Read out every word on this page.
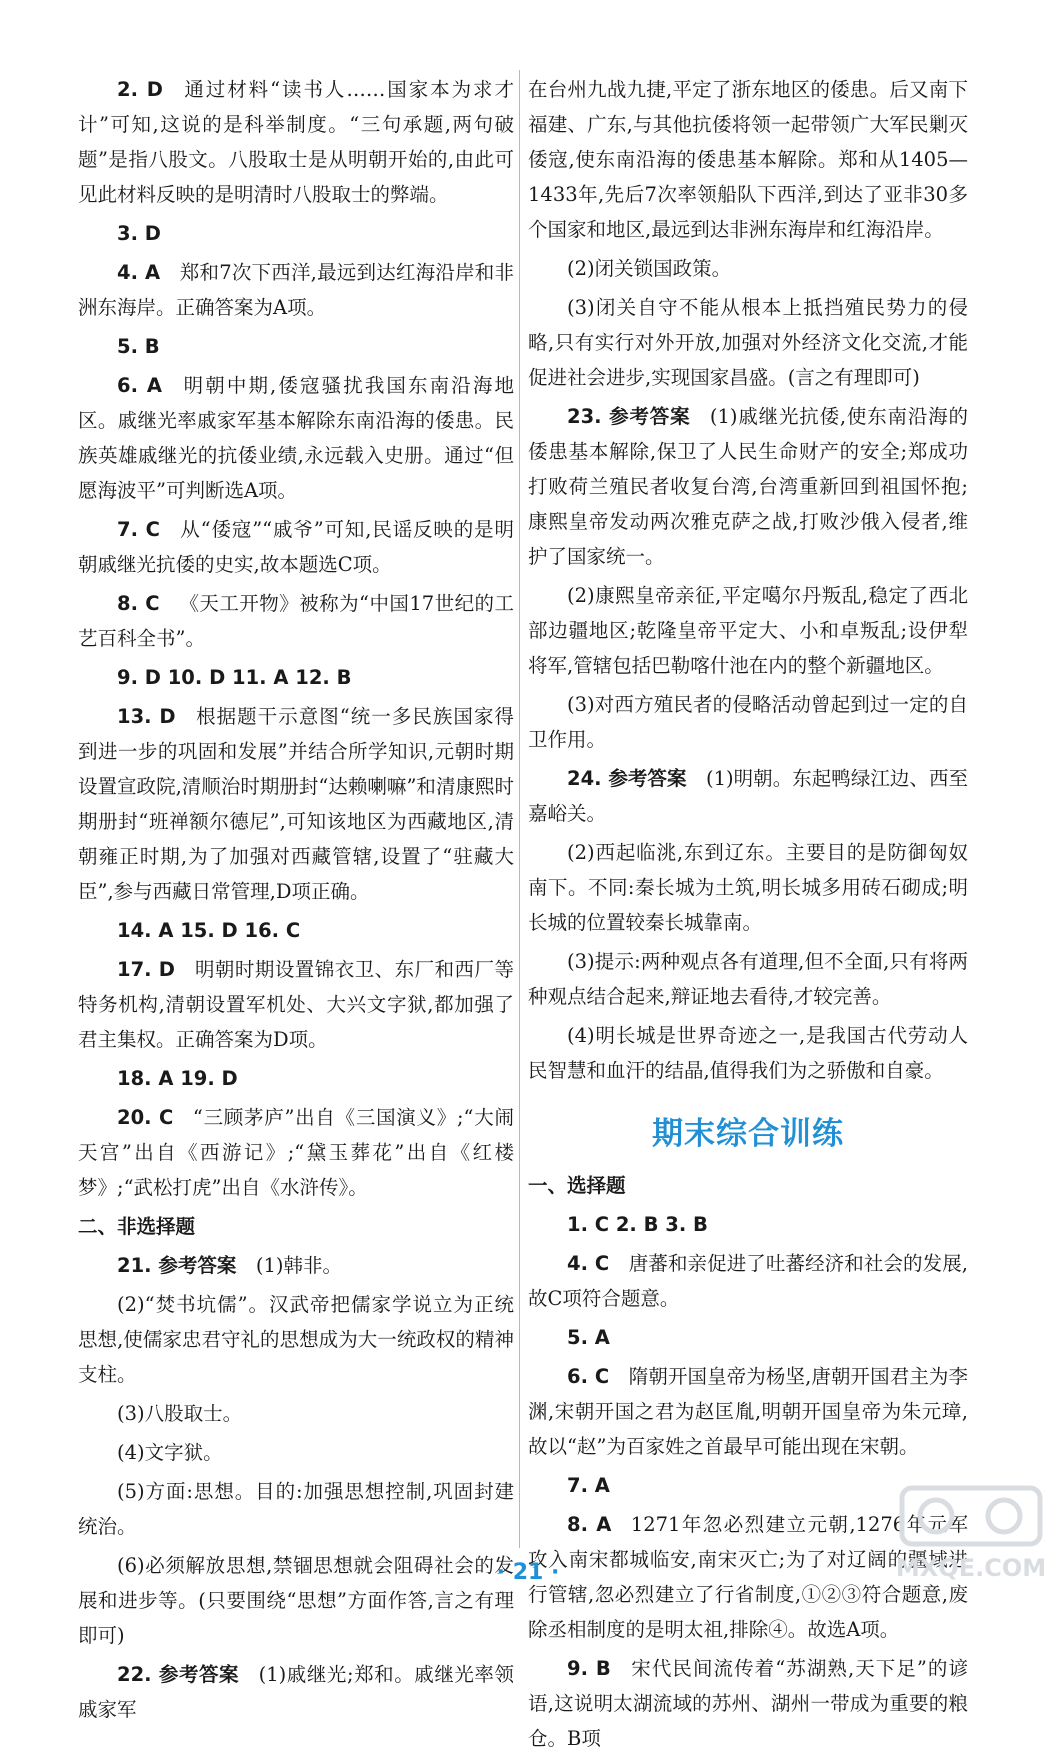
2. D  通过材料“读书人……国家本为求才计”可知,这说的是科举制度。“三句承题,两句破题”是指八股文。八股取士是从明朝开始的,由此可见此材料反映的是明清时八股取士的弊端。

3. D

4. A  郑和7次下西洋,最远到达红海沿岸和非洲东海岸。正确答案为A项。

5. B

6. A  明朝中期,倭寇骚扰我国东南沿海地区。戚继光率戚家军基本解除东南沿海的倭患。民族英雄戚继光的抗倭业绩,永远载入史册。通过“但愿海波平”可判断选A项。

7. C  从“倭寇”“戚爷”可知,民谣反映的是明朝戚继光抗倭的史实,故本题选C项。

8. C  《天工开物》被称为“中国17世纪的工艺百科全书”。

9. D 10. D 11. A 12. B

13. D  根据题干示意图“统一多民族国家得到进一步的巩固和发展”并结合所学知识,元朝时期设置宣政院,清顺治时期册封“达赖喇嘛”和清康熙时期册封“班禅额尔德尼”,可知该地区为西藏地区,清朝雍正时期,为了加强对西藏管辖,设置了“驻藏大臣”,参与西藏日常管理,D项正确。

14. A 15. D 16. C

17. D  明朝时期设置锦衣卫、东厂和西厂等特务机构,清朝设置军机处、大兴文字狱,都加强了君主集权。正确答案为D项。

18. A 19. D

20. C  “三顾茅庐”出自《三国演义》;“大闹天宫”出自《西游记》;“黛玉葬花”出自《红楼梦》;“武松打虎”出自《水浒传》。

二、非选择题

21. 参考答案  (1)韩非。

(2)“焚书坑儒”。汉武帝把儒家学说立为正统思想,使儒家忠君守礼的思想成为大一统政权的精神支柱。

(3)八股取士。

(4)文字狱。

(5)方面:思想。目的:加强思想控制,巩固封建统治。

(6)必须解放思想,禁锢思想就会阻碍社会的发展和进步等。(只要围绕“思想”方面作答,言之有理即可)

22. 参考答案  (1)戚继光;郑和。戚继光率领戚家军

在台州九战九捷,平定了浙东地区的倭患。后又南下福建、广东,与其他抗倭将领一起带领广大军民剿灭倭寇,使东南沿海的倭患基本解除。郑和从1405—1433年,先后7次率领船队下西洋,到达了亚非30多个国家和地区,最远到达非洲东海岸和红海沿岸。

(2)闭关锁国政策。

(3)闭关自守不能从根本上抵挡殖民势力的侵略,只有实行对外开放,加强对外经济文化交流,才能促进社会进步,实现国家昌盛。(言之有理即可)

23. 参考答案  (1)戚继光抗倭,使东南沿海的倭患基本解除,保卫了人民生命财产的安全;郑成功打败荷兰殖民者收复台湾,台湾重新回到祖国怀抱;康熙皇帝发动两次雅克萨之战,打败沙俄入侵者,维护了国家统一。

(2)康熙皇帝亲征,平定噶尔丹叛乱,稳定了西北部边疆地区;乾隆皇帝平定大、小和卓叛乱;设伊犁将军,管辖包括巴勒喀什池在内的整个新疆地区。

(3)对西方殖民者的侵略活动曾起到过一定的自卫作用。

24. 参考答案  (1)明朝。东起鸭绿江边、西至嘉峪关。

(2)西起临洮,东到辽东。主要目的是防御匈奴南下。不同:秦长城为土筑,明长城多用砖石砌成;明长城的位置较秦长城靠南。

(3)提示:两种观点各有道理,但不全面,只有将两种观点结合起来,辩证地去看待,才较完善。

(4)明长城是世界奇迹之一,是我国古代劳动人民智慧和血汗的结晶,值得我们为之骄傲和自豪。

期末综合训练
一、选择题

1. C 2. B 3. B

4. C  唐蕃和亲促进了吐蕃经济和社会的发展,故C项符合题意。

5. A

6. C  隋朝开国皇帝为杨坚,唐朝开国君主为李渊,宋朝开国之君为赵匡胤,明朝开国皇帝为朱元璋,故以“赵”为百家姓之首最早可能出现在宋朝。

7. A

8. A  1271年忽必烈建立元朝,1276年元军攻入南宋都城临安,南宋灭亡;为了对辽阔的疆域进行管辖,忽必烈建立了行省制度,①②③符合题意,废除丞相制度的是明太祖,排除④。故选A项。

9. B  宋代民间流传着“苏湖熟,天下足”的谚语,这说明太湖流域的苏州、湖州一带成为重要的粮仓。B项

· 21 ·	MXQE.COM
